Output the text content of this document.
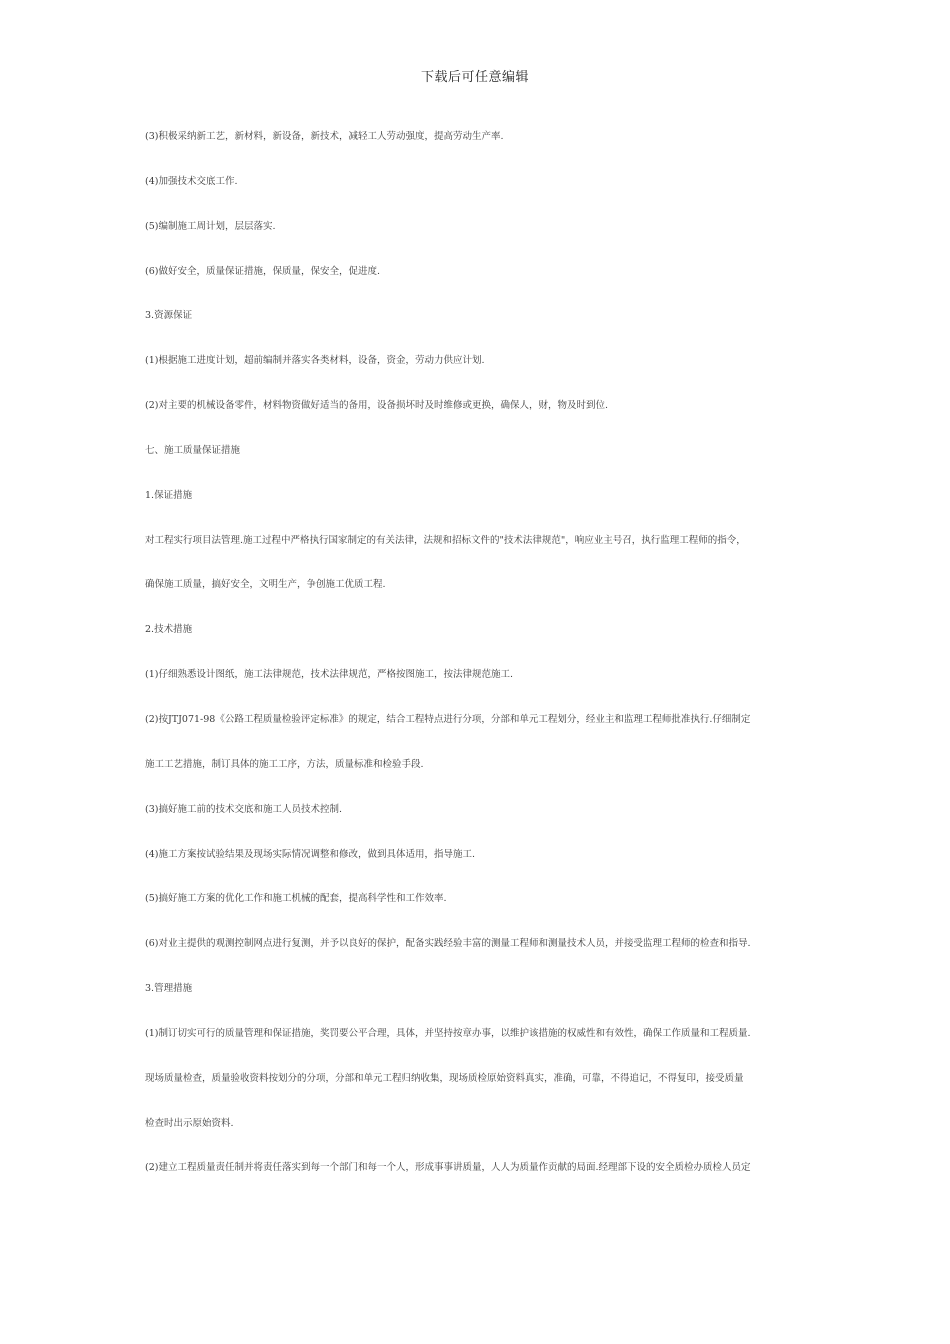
下载后可任意编辑
(3)积极采纳新工艺，新材料，新设备，新技术，减轻工人劳动强度，提高劳动生产率.
(4)加强技术交底工作.
(5)编制施工周计划，层层落实.
(6)做好安全，质量保证措施，保质量，保安全，促进度.
3.资源保证
(1)根据施工进度计划，超前编制并落实各类材料，设备，资金，劳动力供应计划.
(2)对主要的机械设备零件，材料物资做好适当的备用，设备损坏时及时维修或更换，确保人，财，物及时到位.
七、施工质量保证措施
1.保证措施
对工程实行项目法管理.施工过程中严格执行国家制定的有关法律，法规和招标文件的"技术法律规范"，响应业主号召，执行监理工程师的指令，
确保施工质量，搞好安全，文明生产，争创施工优质工程.
2.技术措施
(1)仔细熟悉设计图纸，施工法律规范，技术法律规范，严格按图施工，按法律规范施工.
(2)按JTJ071-98《公路工程质量检验评定标准》的规定，结合工程特点进行分项，分部和单元工程划分，经业主和监理工程师批准执行.仔细制定
施工工艺措施，制订具体的施工工序，方法，质量标准和检验手段.
(3)搞好施工前的技术交底和施工人员技术控制.
(4)施工方案按试验结果及现场实际情况调整和修改，做到具体适用，指导施工.
(5)搞好施工方案的优化工作和施工机械的配套，提高科学性和工作效率.
(6)对业主提供的观测控制网点进行复测，并予以良好的保护，配备实践经验丰富的测量工程师和测量技术人员，并接受监理工程师的检查和指导.
3.管理措施
(1)制订切实可行的质量管理和保证措施，奖罚要公平合理，具体，并坚持按章办事，以维护该措施的权威性和有效性，确保工作质量和工程质量.
现场质量检查，质量验收资料按划分的分项，分部和单元工程归纳收集，现场质检原始资料真实，准确，可靠，不得追记，不得复印，接受质量
检查时出示原始资料.
(2)建立工程质量责任制并将责任落实到每一个部门和每一个人，形成事事讲质量，人人为质量作贡献的局面.经理部下设的安全质检办质检人员定
